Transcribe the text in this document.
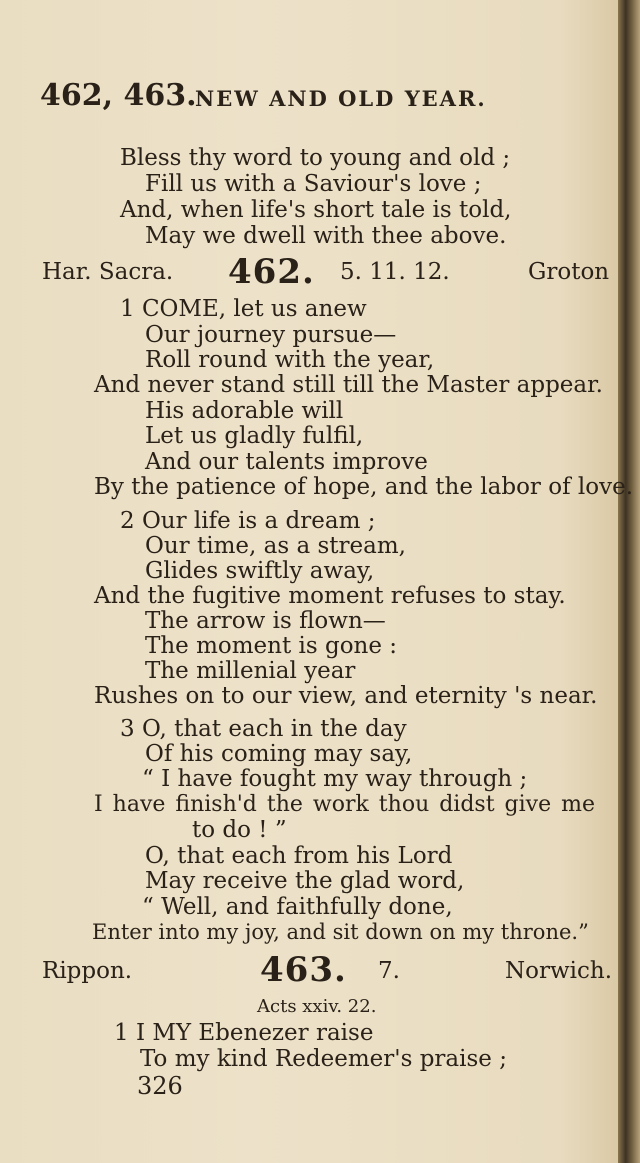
462, 463.
NEW AND OLD YEAR.
Bless thy word to young and old ;
Fill us with a Saviour's love ;
And, when life's short tale is told,
May we dwell with thee above.
Har. Sacra. 462. 5. 11. 12.	Groton
1 COME, let us anew
Our journey pursue—
Roll round with the year,
And never stand still till the Master appear.
His adorable will
Let us gladly fulfil,
And our talents improve
By the patience of hope, and the labor of love.
2 Our life is a dream ;
Our time, as a stream,
Glides swiftly away,
And the fugitive moment refuses to stay.
The arrow is flown—
The moment is gone :
The millenial year
Rushes on to our view, and eternity 's near.
3 O, that each in the day
Of his coming may say,
“ I have fought my way through ;
I have finish'd the work thou didst give me
to do ! ”
O, that each from his Lord
May receive the glad word,
“ Well, and faithfully done,
Enter into my joy, and sit down on my throne.”
Rippon.	463. 7.	Norwich.
Acts xxiv. 22.
1 I MY Ebenezer raise
To my kind Redeemer's praise ;
326
